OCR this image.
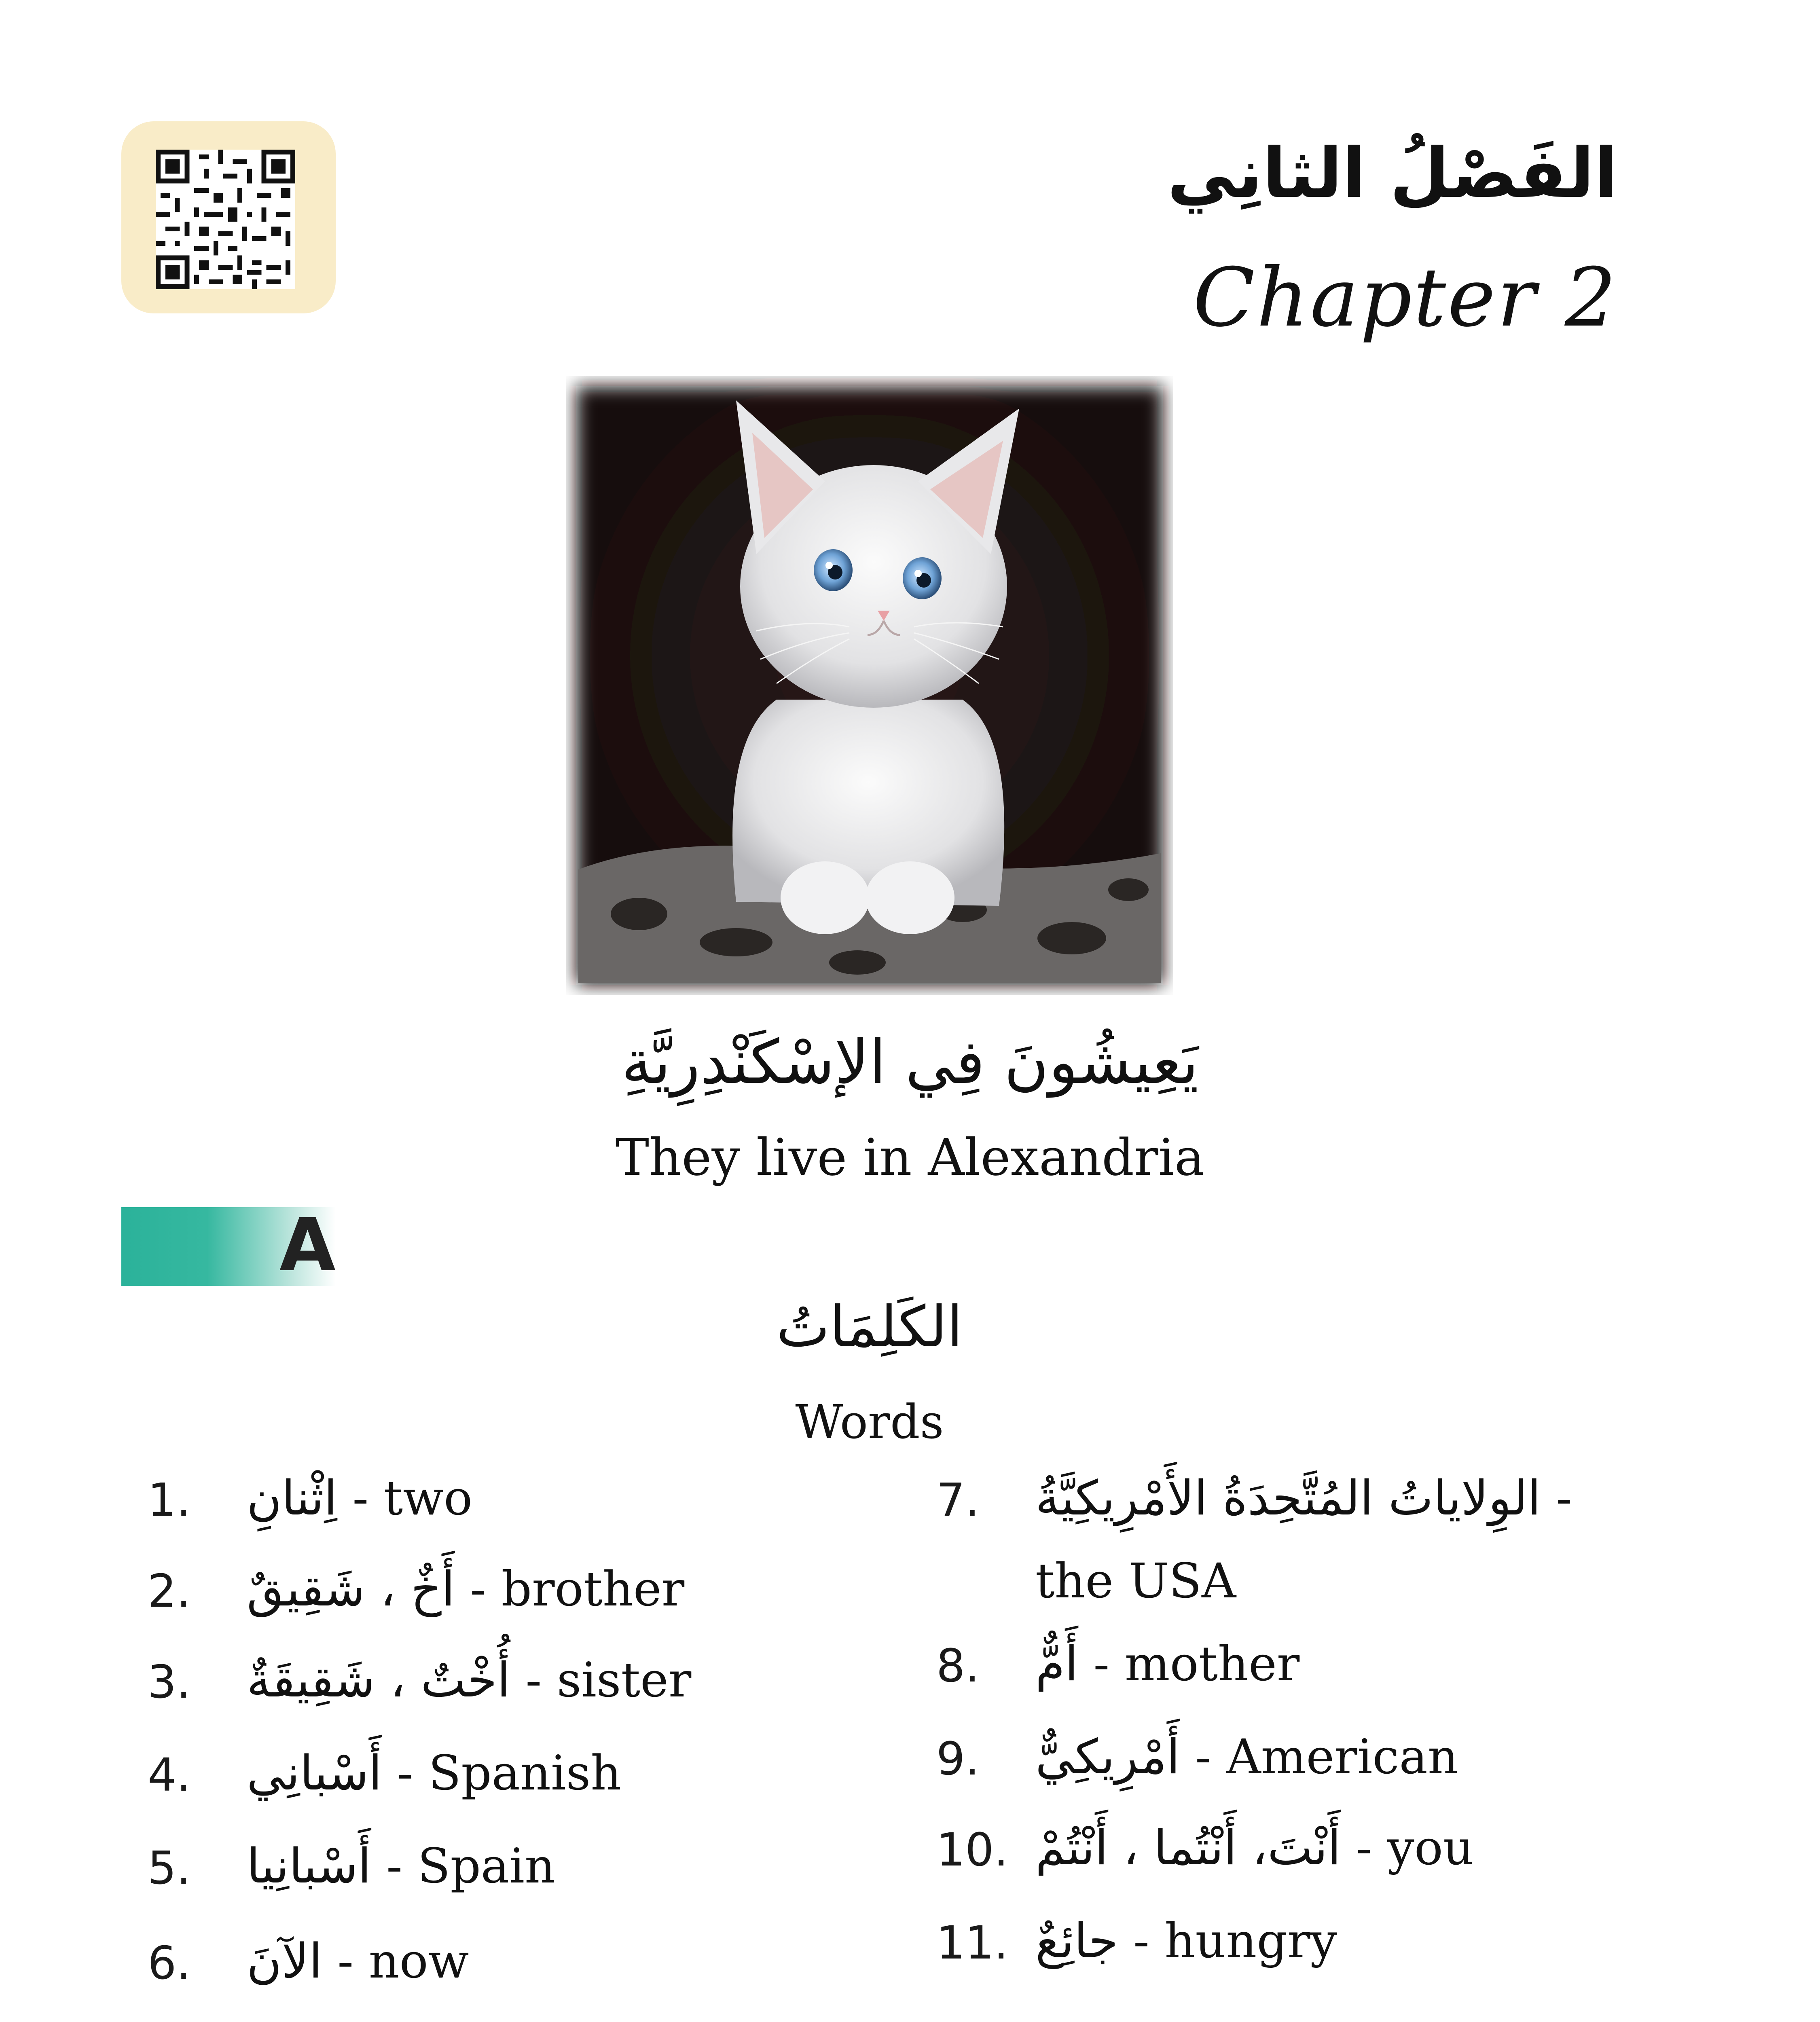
الفَصْلُ الثانِي
Chapter 2
يَعِيشُونَ فِي الإسْكَنْدِرِيَّةِ
They live in Alexandria
A
الكَلِمَاتُ
Words
1. اِثْنانِ - two
2. أَخٌ ، شَقِيقٌ - brother
3. أُخْتٌ ، شَقِيقَةٌ - sister
4. أَسْبانِي - Spanish
5. أَسْبانِيا - Spain
6. الآنَ - now
7. الوِلاياتُ المُتَّحِدَةُ الأَمْرِيكِيَّةُ -
the USA
8. أَمٌّ - mother
9. أَمْرِيكِيٌّ - American
10. أَنْتَ، أَنْتُما ، أَنْتُمْ - you
11. جائِعٌ - hungry
